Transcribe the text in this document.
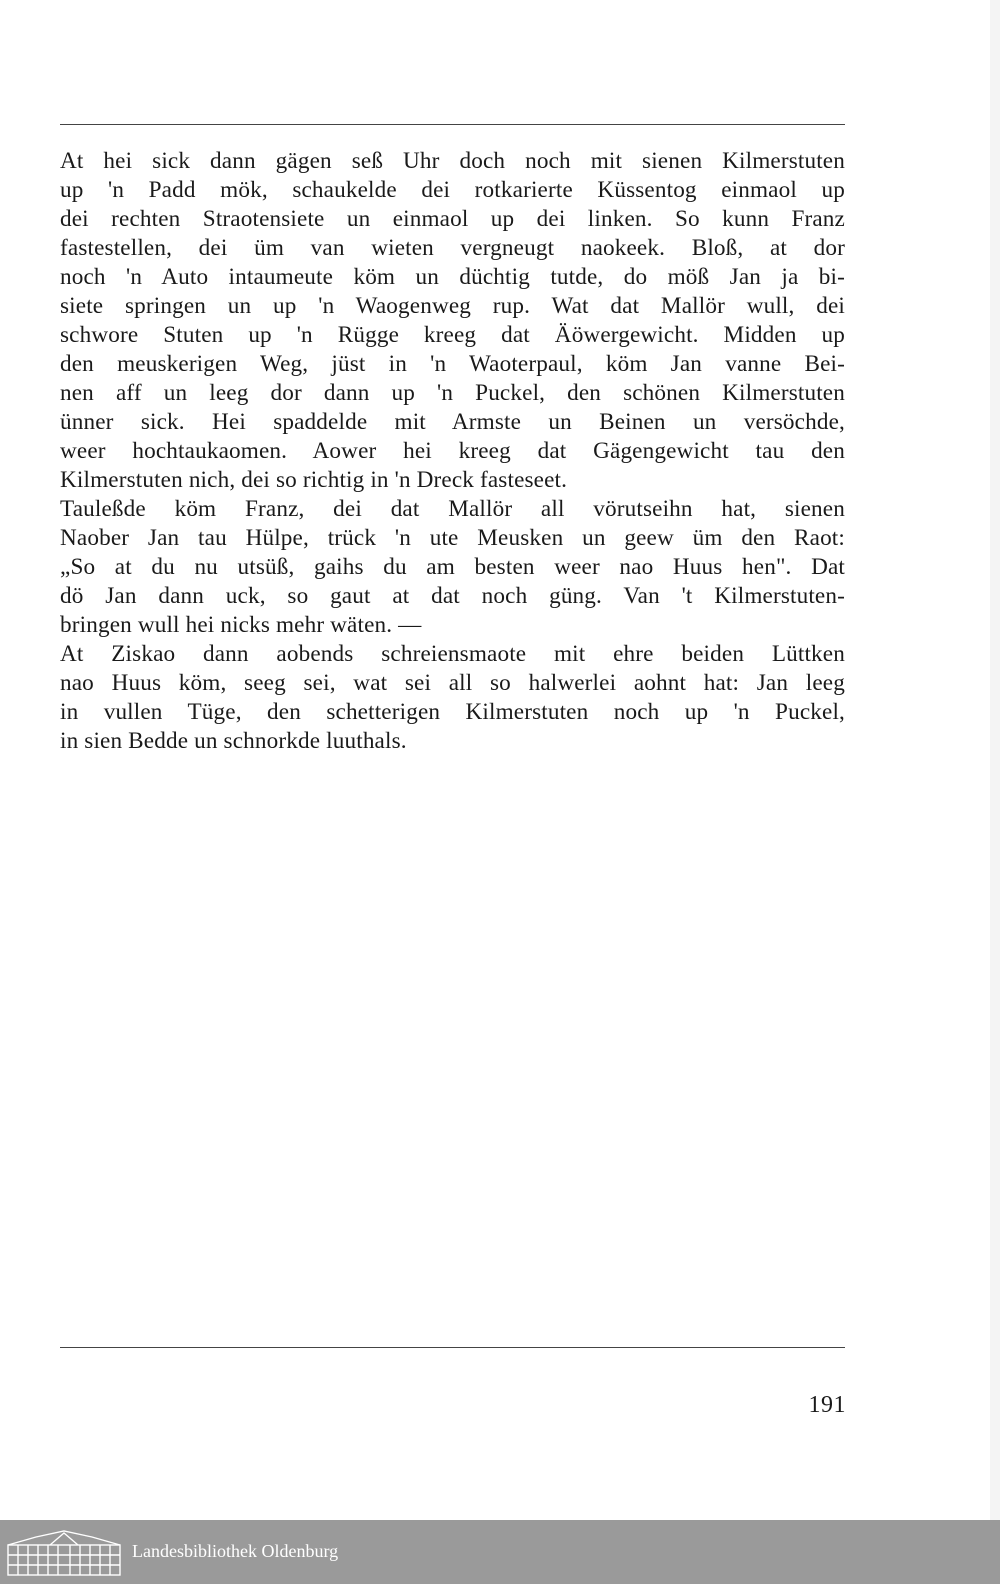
At hei sick dann gägen seß Uhr doch noch mit sienen Kilmerstuten
up 'n Padd mök, schaukelde dei rotkarierte Küssentog einmaol up
dei rechten Straotensiete un einmaol up dei linken. So kunn Franz
fastestellen, dei üm van wieten vergneugt naokeek. Bloß, at dor
noch 'n Auto intaumeute köm un düchtig tutde, do möß Jan ja bi-
siete springen un up 'n Waogenweg rup. Wat dat Mallör wull, dei
schwore Stuten up 'n Rügge kreeg dat Äöwergewicht. Midden up
den meuskerigen Weg, jüst in 'n Waoterpaul, köm Jan vanne Bei-
nen aff un leeg dor dann up 'n Puckel, den schönen Kilmerstuten
ünner sick. Hei spaddelde mit Armste un Beinen un versöchde,
weer hochtaukaomen. Aower hei kreeg dat Gägengewicht tau den
Kilmerstuten nich, dei so richtig in 'n Dreck fasteseet.
Tauleßde köm Franz, dei dat Mallör all vörutseihn hat, sienen
Naober Jan tau Hülpe, trück 'n ute Meusken un geew üm den Raot:
„So at du nu utsüß, gaihs du am besten weer nao Huus hen". Dat
dö Jan dann uck, so gaut at dat noch güng. Van 't Kilmerstuten-
bringen wull hei nicks mehr wäten. —
At Ziskao dann aobends schreiensmaote mit ehre beiden Lüttken
nao Huus köm, seeg sei, wat sei all so halwerlei aohnt hat: Jan leeg
in vullen Tüge, den schetterigen Kilmerstuten noch up 'n Puckel,
in sien Bedde un schnorkde luuthals.
191
Landesbibliothek Oldenburg
